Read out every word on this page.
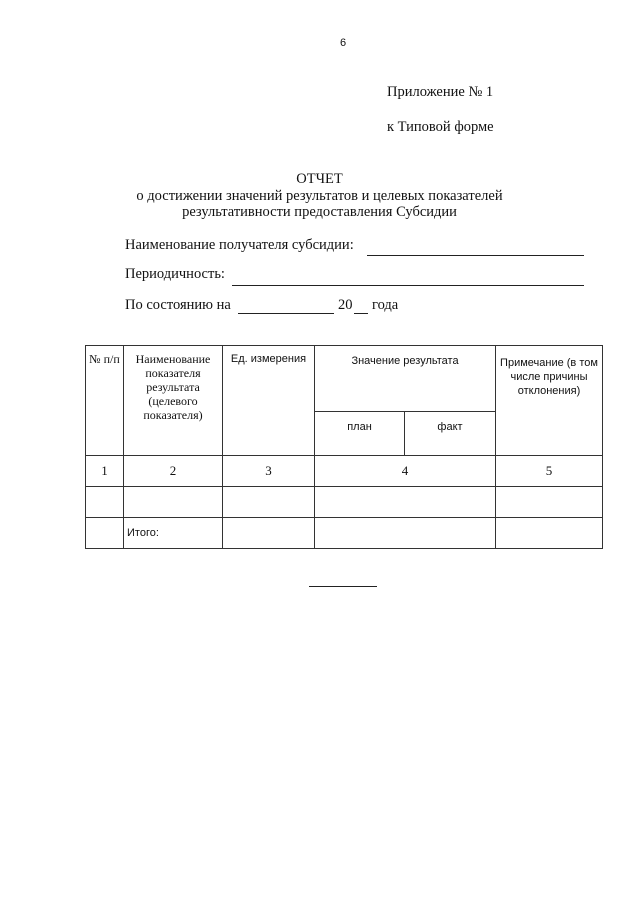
6
Приложение № 1
к Типовой форме
ОТЧЕТ
о достижении значений результатов и целевых показателей
результативности предоставления Субсидии
Наименование получателя субсидии:
Периодичность:
По состоянию на	20 года
№ п/п	Наименование показателя результата (целевого показателя)	Ед. измерения	Значение результата		Примечание (в том числе причины отклонения)
			план	факт	
1	2	3	4		5

	Итого:				
